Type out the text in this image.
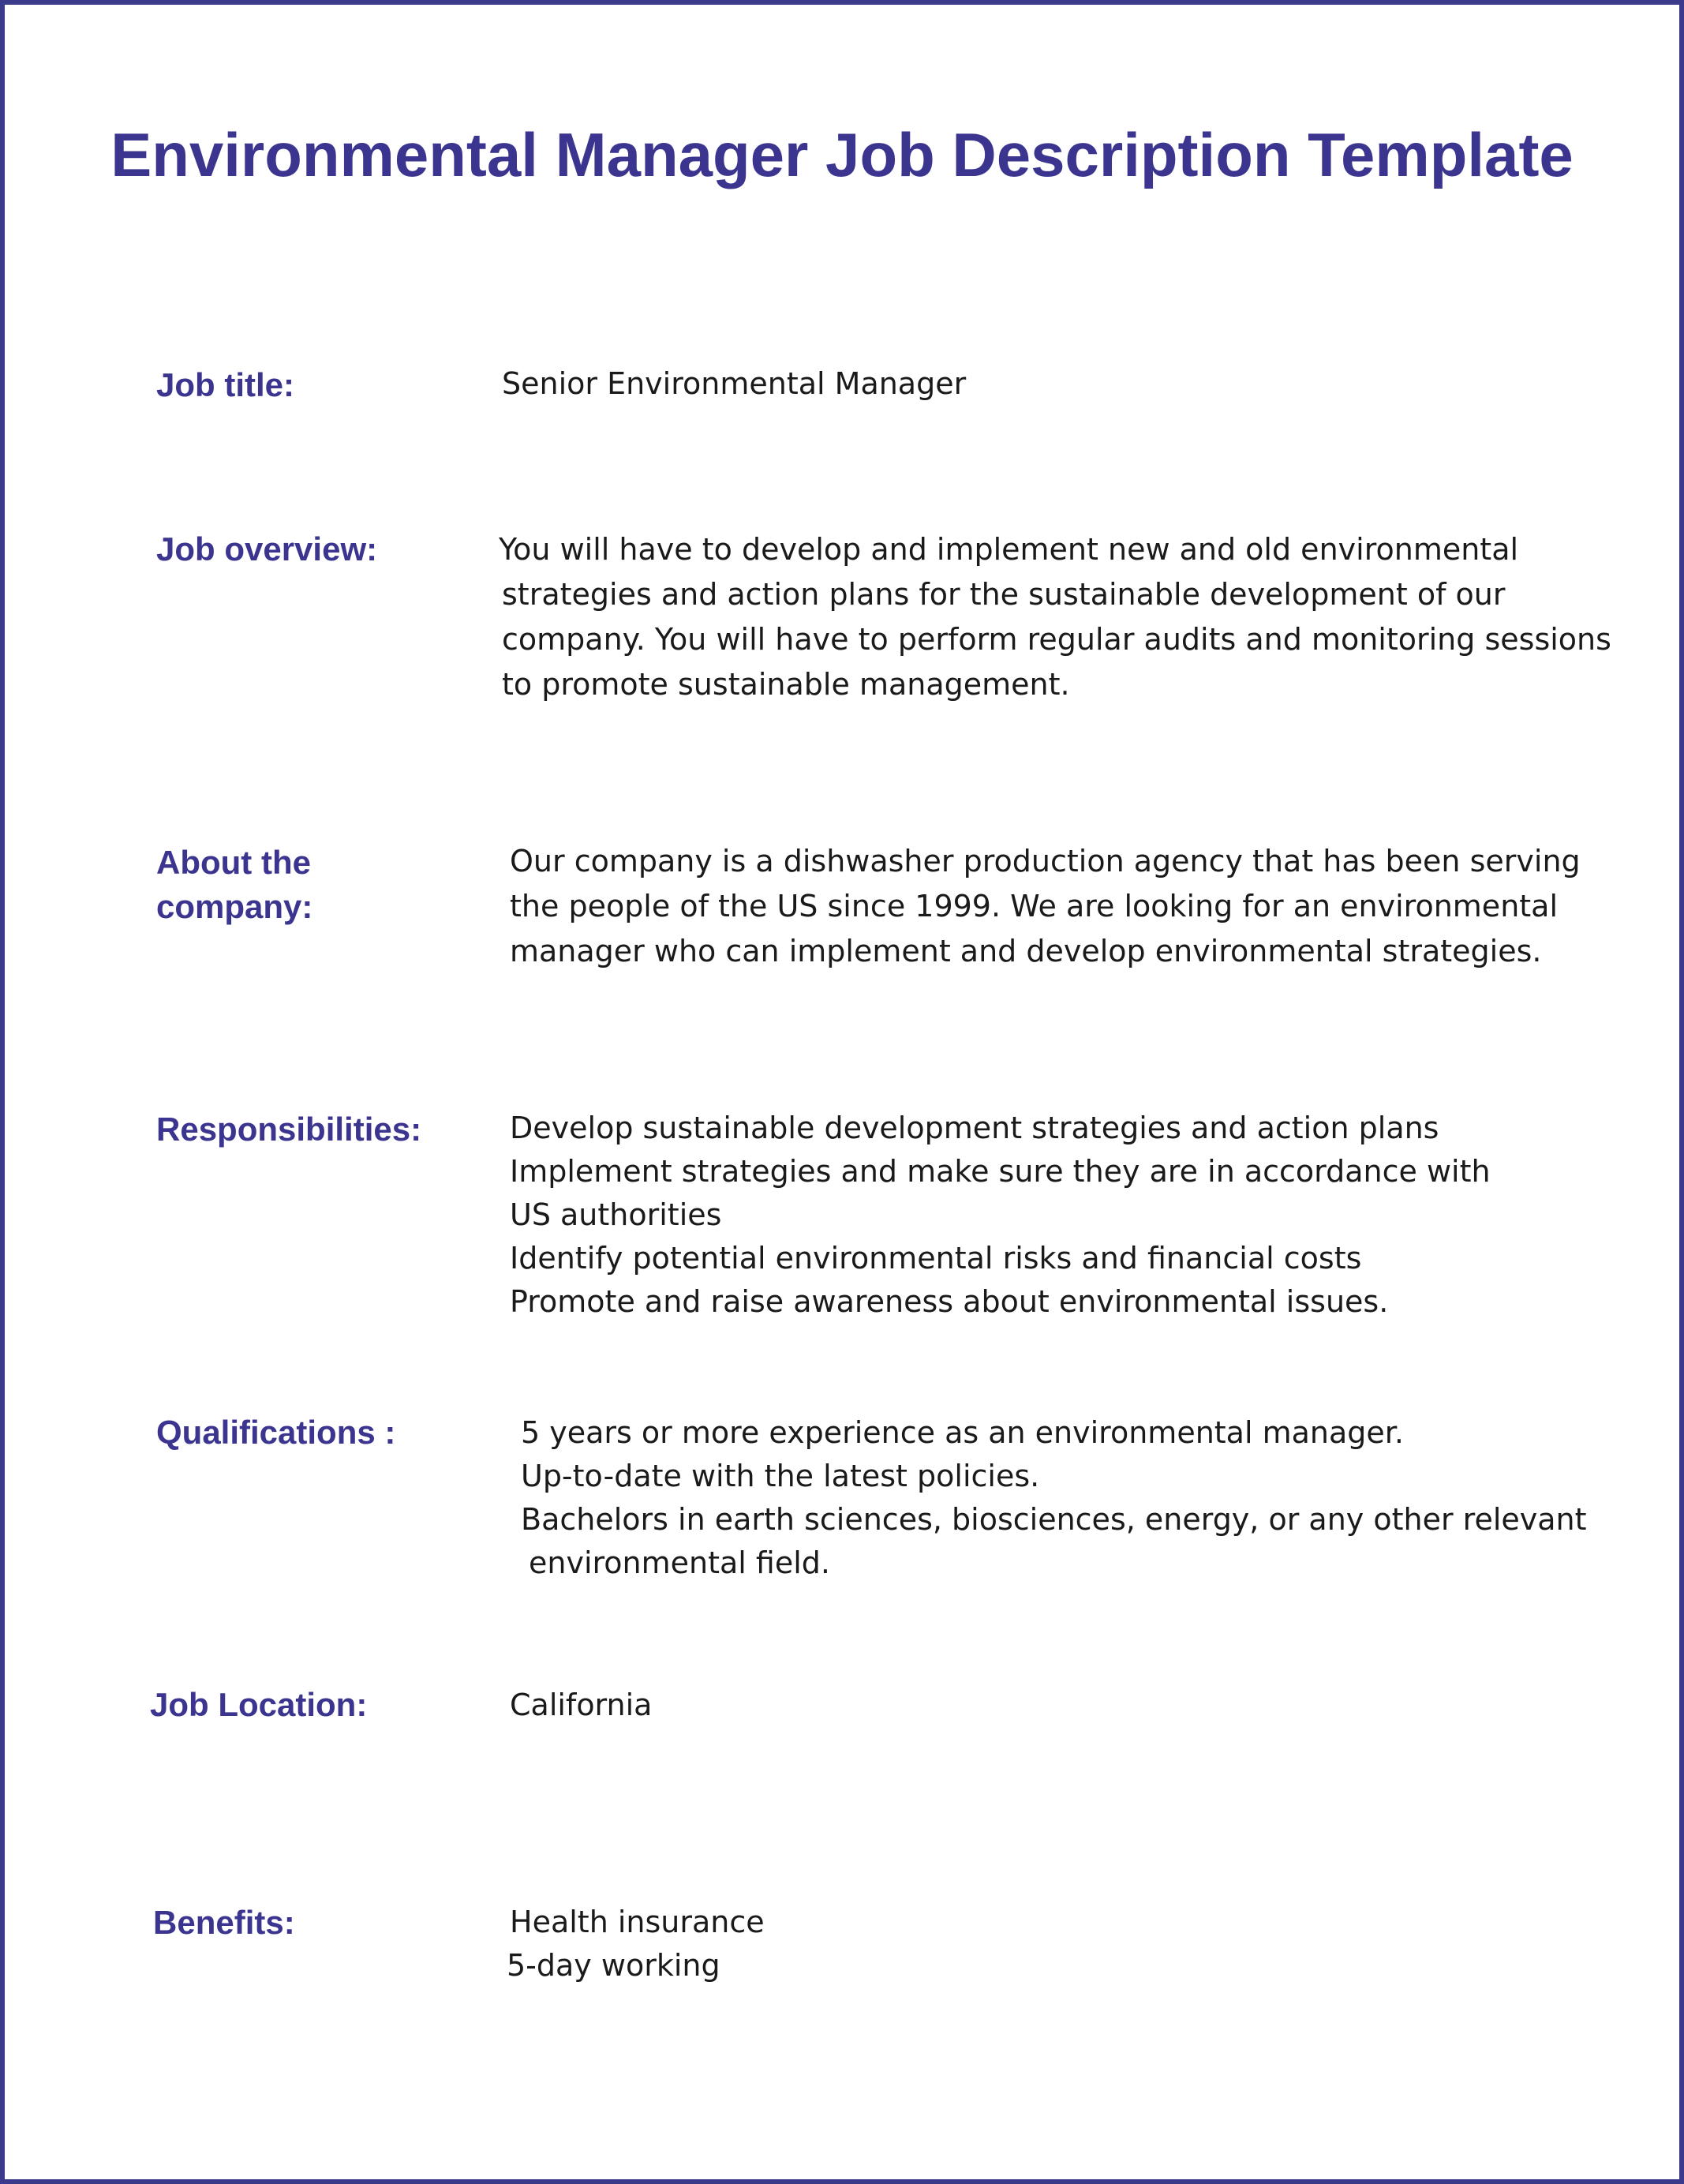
Environmental Manager Job Description Template
Job title:	Senior Environmental Manager
Job overview:	You will have to develop and implement new and old environmental
strategies and action plans for the sustainable development of our
company. You will have to perform regular audits and monitoring sessions
to promote sustainable management.
About the
company:
Our company is a dishwasher production agency that has been serving
the people of the US since 1999. We are looking for an environmental
manager who can implement and develop environmental strategies.
Responsibilities:	Develop sustainable development strategies and action plans
Implement strategies and make sure they are in accordance with
US authorities
Identify potential environmental risks and financial costs
Promote and raise awareness about environmental issues.
Qualifications :	5 years or more experience as an environmental manager.
Up-to-date with the latest policies.
Bachelors in earth sciences, biosciences, energy, or any other relevant
environmental field.
Job Location:	California
Benefits:	Health insurance
5-day working
